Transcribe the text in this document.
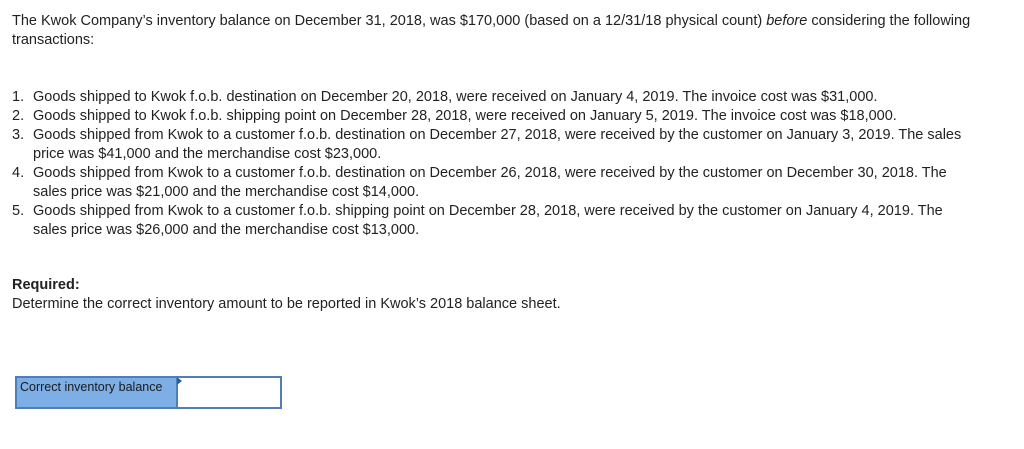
The Kwok Company’s inventory balance on December 31, 2018, was $170,000 (based on a 12/31/18 physical count) before considering the following transactions:

1. Goods shipped to Kwok f.o.b. destination on December 20, 2018, were received on January 4, 2019. The invoice cost was $31,000.
2. Goods shipped to Kwok f.o.b. shipping point on December 28, 2018, were received on January 5, 2019. The invoice cost was $18,000.
3. Goods shipped from Kwok to a customer f.o.b. destination on December 27, 2018, were received by the customer on January 3, 2019. The sales price was $41,000 and the merchandise cost $23,000.
4. Goods shipped from Kwok to a customer f.o.b. destination on December 26, 2018, were received by the customer on December 30, 2018. The sales price was $21,000 and the merchandise cost $14,000.
5. Goods shipped from Kwok to a customer f.o.b. shipping point on December 28, 2018, were received by the customer on January 4, 2019. The sales price was $26,000 and the merchandise cost $13,000.
Required:
Determine the correct inventory amount to be reported in Kwok’s 2018 balance sheet.
Correct inventory balance	
